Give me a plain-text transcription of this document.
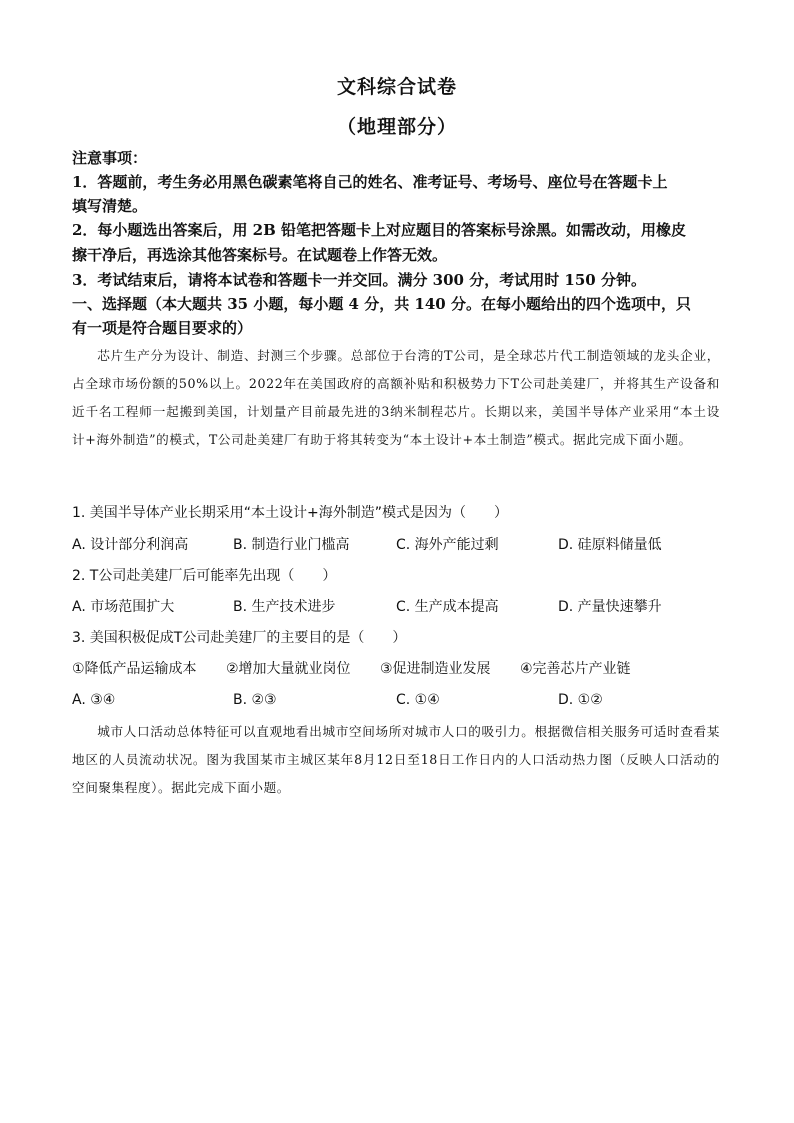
文科综合试卷
（地理部分）
注意事项：
1．答题前，考生务必用黑色碳素笔将自己的姓名、准考证号、考场号、座位号在答题卡上
填写清楚。
2．每小题选出答案后，用 2B 铅笔把答题卡上对应题目的答案标号涂黑。如需改动，用橡皮
擦干净后，再选涂其他答案标号。在试题卷上作答无效。
3．考试结束后，请将本试卷和答题卡一并交回。满分 300 分，考试用时 150 分钟。
一、选择题（本大题共 35 小题，每小题 4 分，共 140 分。在每小题给出的四个选项中，只
有一项是符合题目要求的）
芯片生产分为设计、制造、封测三个步骤。总部位于台湾的T公司，是全球芯片代工制造领域的龙头企业，占全球市场份额的50%以上。2022年在美国政府的高额补贴和积极势力下T公司赴美建厂，并将其生产设备和近千名工程师一起搬到美国，计划量产目前最先进的3纳米制程芯片。长期以来，美国半导体产业采用“本土设计+海外制造”的模式，T公司赴美建厂有助于将其转变为“本土设计+本土制造”模式。据此完成下面小题。
1. 美国半导体产业长期采用“本土设计+海外制造”模式是因为（　　）
A. 设计部分利润高	B. 制造行业门槛高	C. 海外产能过剩	D. 硅原料储量低
2. T公司赴美建厂后可能率先出现（　　）
A. 市场范围扩大	B. 生产技术进步	C. 生产成本提高	D. 产量快速攀升
3. 美国积极促成T公司赴美建厂的主要目的是（　　）
①降低产品运输成本 ②增加大量就业岗位 ③促进制造业发展 ④完善芯片产业链
A. ③④	B. ②③	C. ①④	D. ①②
城市人口活动总体特征可以直观地看出城市空间场所对城市人口的吸引力。根据微信相关服务可适时查看某地区的人员流动状况。图为我国某市主城区某年8月12日至18日工作日内的人口活动热力图（反映人口活动的空间聚集程度）。据此完成下面小题。
